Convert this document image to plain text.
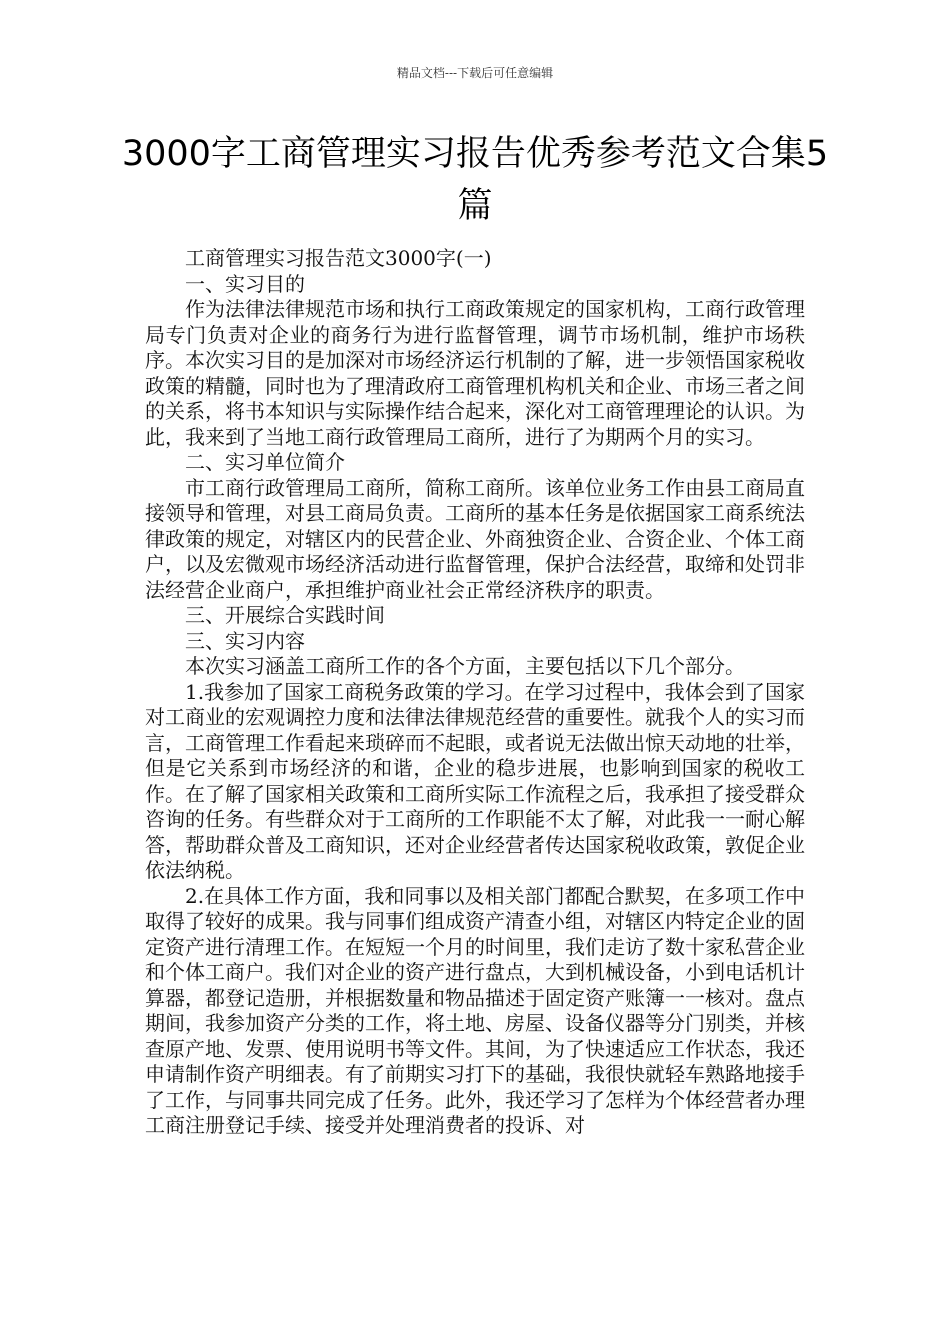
精品文档---下载后可任意编辑
3000字工商管理实习报告优秀参考范文合集5篇

工商管理实习报告范文3000字(一)

一、实习目的

作为法律法律规范市场和执行工商政策规定的国家机构，工商行政管理局专门负责对企业的商务行为进行监督管理，调节市场机制，维护市场秩序。本次实习目的是加深对市场经济运行机制的了解，进一步领悟国家税收政策的精髓，同时也为了理清政府工商管理机构机关和企业、市场三者之间的关系，将书本知识与实际操作结合起来，深化对工商管理理论的认识。为此，我来到了当地工商行政管理局工商所，进行了为期两个月的实习。

二、实习单位简介

市工商行政管理局工商所，简称工商所。该单位业务工作由县工商局直接领导和管理，对县工商局负责。工商所的基本任务是依据国家工商系统法律政策的规定，对辖区内的民营企业、外商独资企业、合资企业、个体工商户，以及宏微观市场经济活动进行监督管理，保护合法经营，取缔和处罚非法经营企业商户，承担维护商业社会正常经济秩序的职责。

三、开展综合实践时间

三、实习内容

本次实习涵盖工商所工作的各个方面，主要包括以下几个部分。

1.我参加了国家工商税务政策的学习。在学习过程中，我体会到了国家对工商业的宏观调控力度和法律法律规范经营的重要性。就我个人的实习而言，工商管理工作看起来琐碎而不起眼，或者说无法做出惊天动地的壮举，但是它关系到市场经济的和谐，企业的稳步进展，也影响到国家的税收工作。在了解了国家相关政策和工商所实际工作流程之后，我承担了接受群众咨询的任务。有些群众对于工商所的工作职能不太了解，对此我一一耐心解答，帮助群众普及工商知识，还对企业经营者传达国家税收政策，敦促企业依法纳税。

2.在具体工作方面，我和同事以及相关部门都配合默契，在多项工作中取得了较好的成果。我与同事们组成资产清查小组，对辖区内特定企业的固定资产进行清理工作。在短短一个月的时间里，我们走访了数十家私营企业和个体工商户。我们对企业的资产进行盘点，大到机械设备，小到电话机计算器，都登记造册，并根据数量和物品描述于固定资产账簿一一核对。盘点期间，我参加资产分类的工作，将土地、房屋、设备仪器等分门别类，并核查原产地、发票、使用说明书等文件。其间，为了快速适应工作状态，我还申请制作资产明细表。有了前期实习打下的基础，我很快就轻车熟路地接手了工作，与同事共同完成了任务。此外，我还学习了怎样为个体经营者办理工商注册登记手续、接受并处理消费者的投诉、对
